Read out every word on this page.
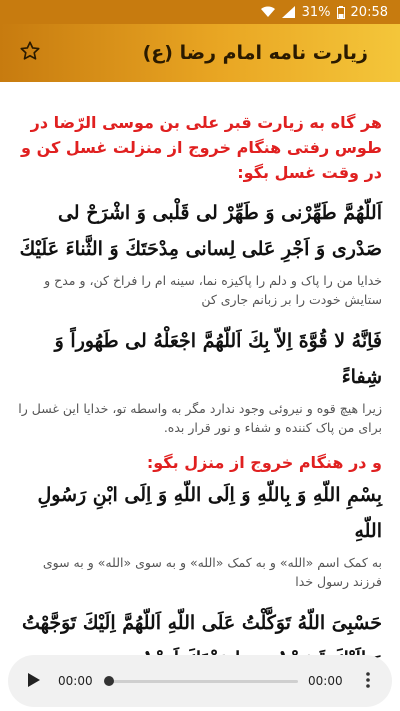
31% 20:58
زیارت نامه امام رضا (ع)

هر گاه به زيارت قبر على بن موسى الرّضا در طوس رفتى هنگام خروج از منزلت غسل كن و در وقت غسل بگو:

اَللّهُمَّ طَهِّرْنى وَ طَهِّرْ لى قَلْبى وَ اشْرَحْ لى صَدْرى وَ اَجْرِ عَلى لِسانى مِدْحَتَكَ وَ الثَّناءَ عَلَيْكَ

خدایا من را پاک و دلم را پاکیزه نما، سینه ام را فراخ کن، و مدح و ستایش خودت را بر زبانم جاری کن

فَاِنَّهُ لا قُوَّةَ اِلاّ بِكَ اَللّهُمَّ اجْعَلْهُ لى طَهُوراً وَ شِفاءً

زیرا هیچ قوه و نیروئی وجود ندارد مگر به واسطه تو، خدایا این غسل را برای من پاک کننده و شفاء و نور قرار بده.

و در هنگام خروج از منزل بگو:

بِسْمِ اللّهِ وَ بِاللّهِ وَ اِلَى اللّهِ وَ اِلَى ابْنِ رَسُولِ اللّهِ

به کمک اسم «الله» و به کمک «الله» و به سوی «الله» و به سوی فرزند رسول خدا

حَسْبِىَ اللّهُ تَوَكَّلْتُ عَلَى اللّهِ اَللّهُمَّ اِلَيْكَ تَوَجَّهْتُ

00:00	00:00
